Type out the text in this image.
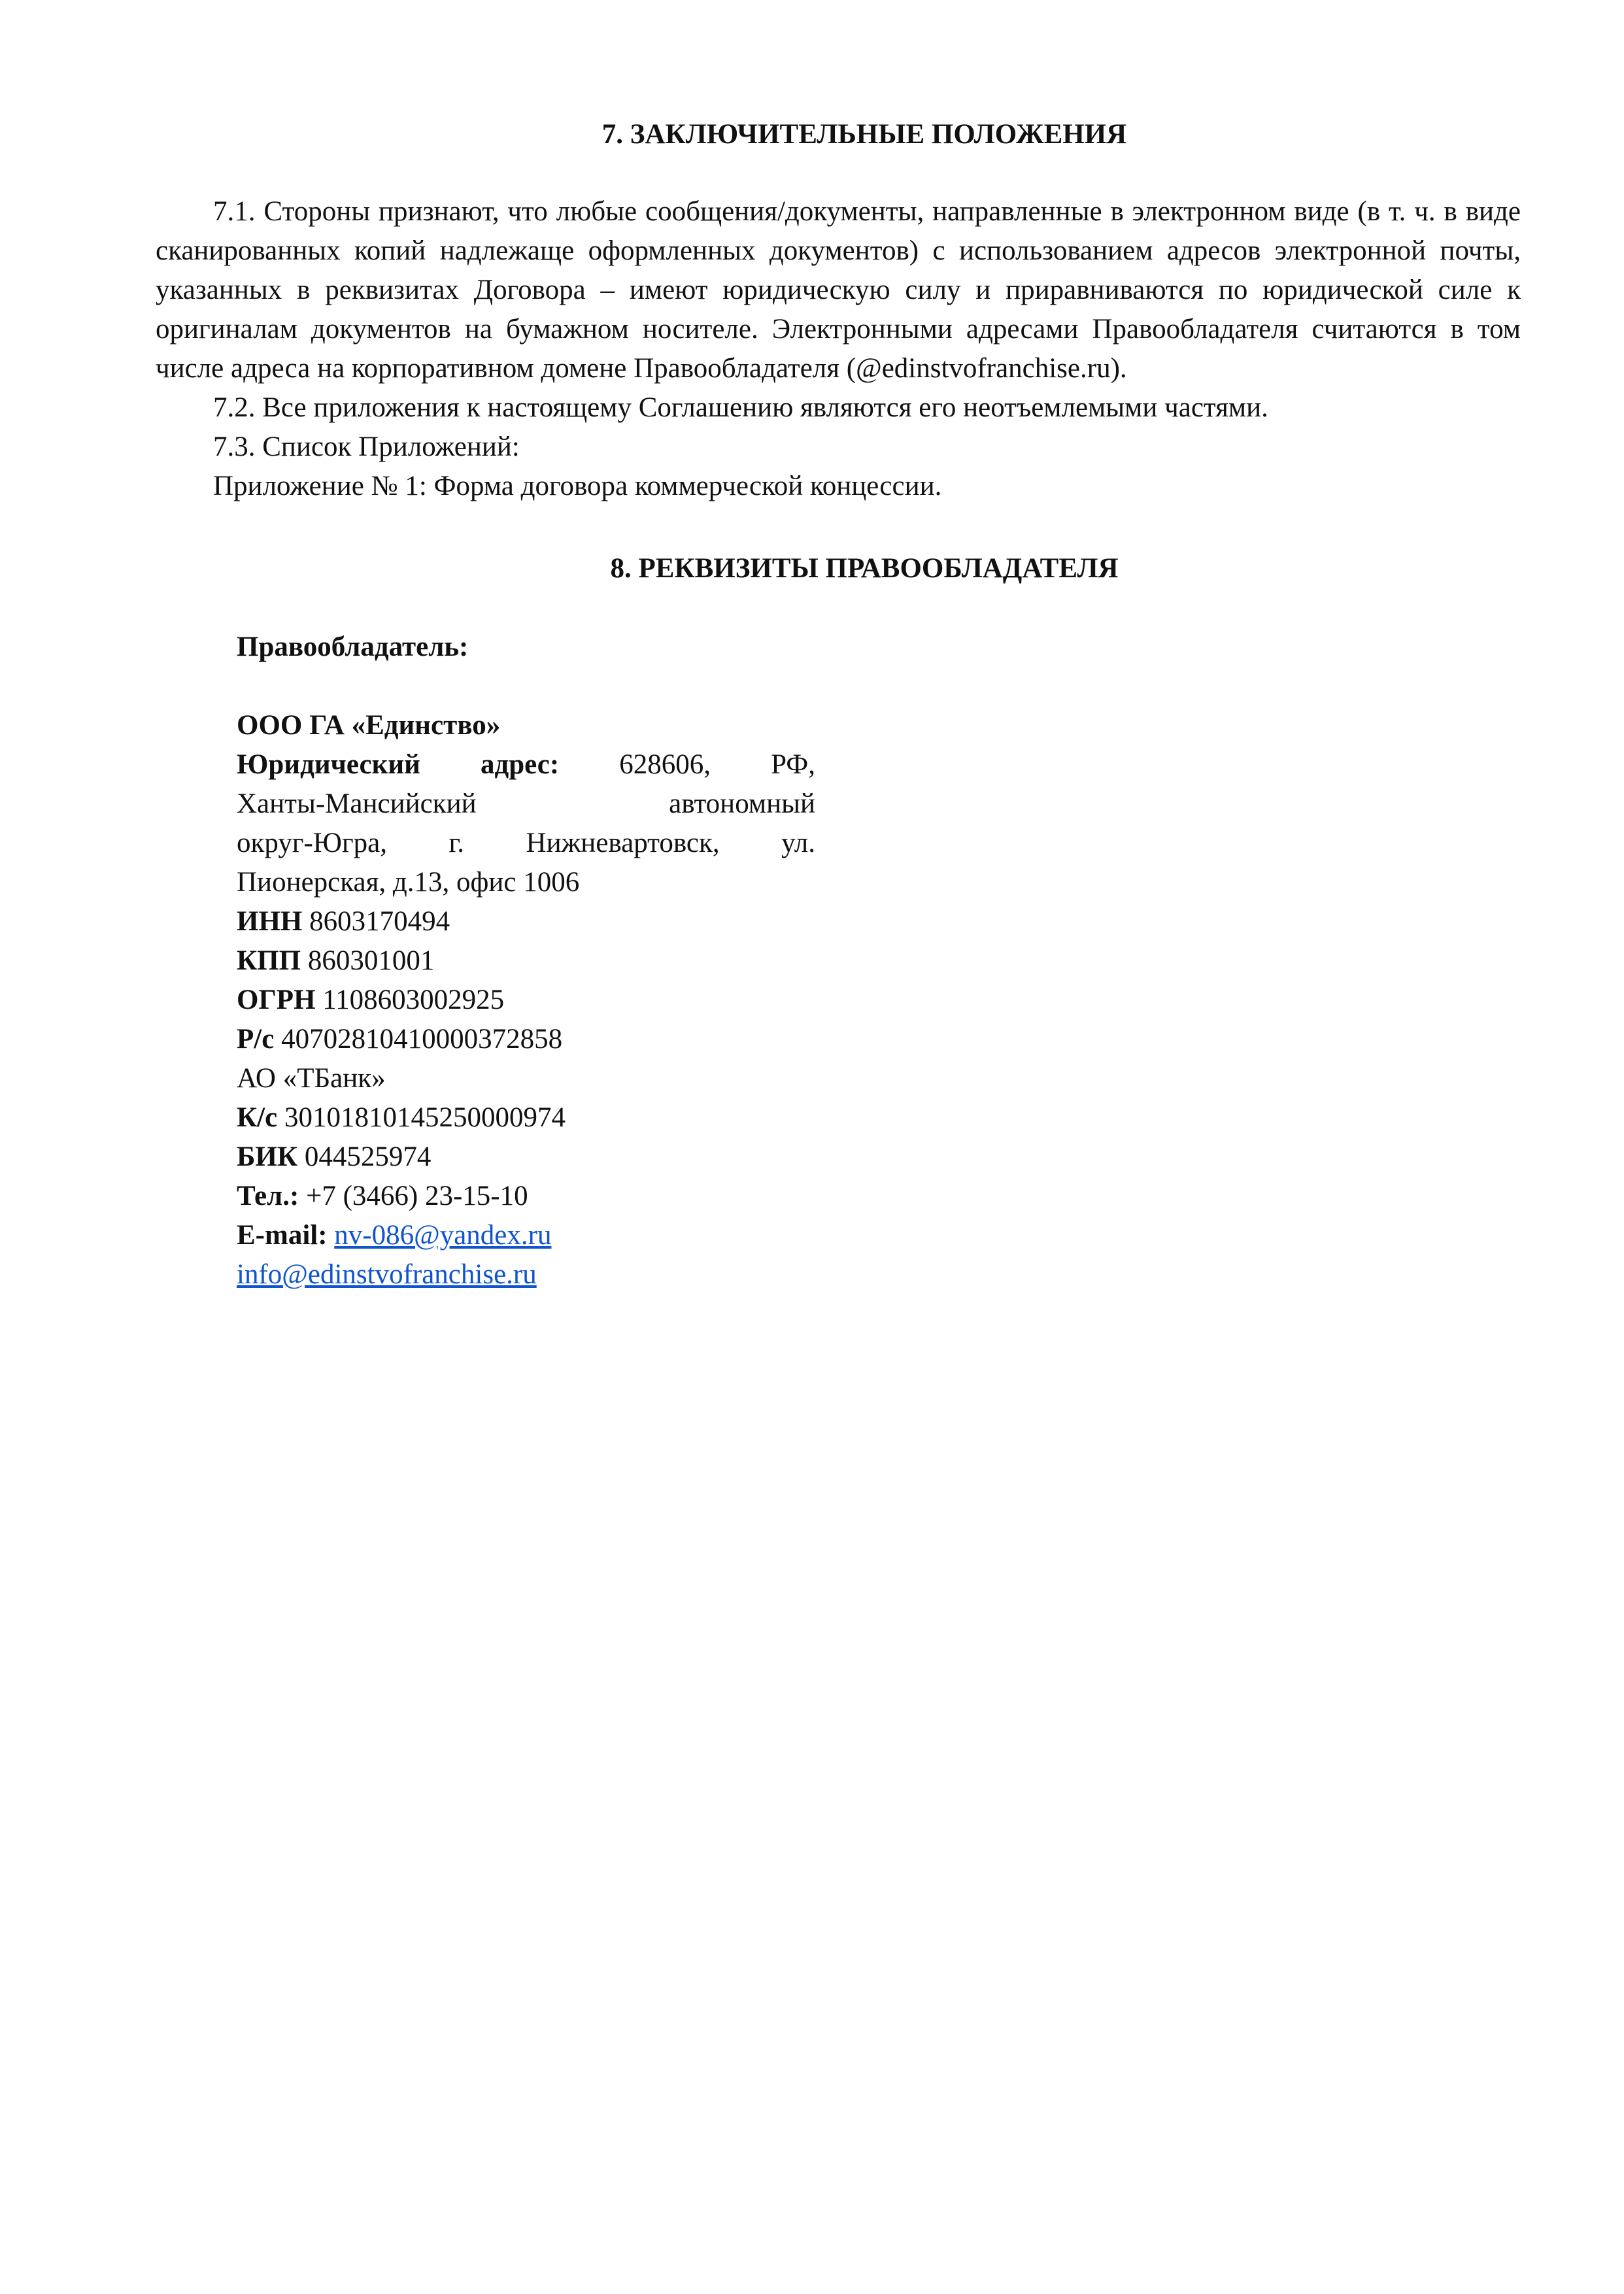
7. ЗАКЛЮЧИТЕЛЬНЫЕ ПОЛОЖЕНИЯ

7.1. Стороны признают, что любые сообщения/документы, направленные в электронном виде (в т. ч. в виде сканированных копий надлежаще оформленных документов) с использованием адресов электронной почты, указанных в реквизитах Договора – имеют юридическую силу и приравниваются по юридической силе к оригиналам документов на бумажном носителе. Электронными адресами Правообладателя считаются в том числе адреса на корпоративном домене Правообладателя (@edinstvofranchise.ru).

7.2. Все приложения к настоящему Соглашению являются его неотъемлемыми частями.

7.3. Список Приложений:

Приложение № 1: Форма договора коммерческой концессии.

8. РЕКВИЗИТЫ ПРАВООБЛАДАТЕЛЯ

Правообладатель:

ООО ГА «Единство»

Юридический адрес: 628606, РФ,

Ханты-Мансийский автономный

округ-Югра, г. Нижневартовск, ул.

Пионерская, д.13, офис 1006

ИНН 8603170494

КПП 860301001

ОГРН 1108603002925

Р/с 40702810410000372858

АО «ТБанк»

К/с 30101810145250000974

БИК 044525974

Тел.: +7 (3466) 23-15-10

E-mail: nv-086@yandex.ru

info@edinstvofranchise.ru
